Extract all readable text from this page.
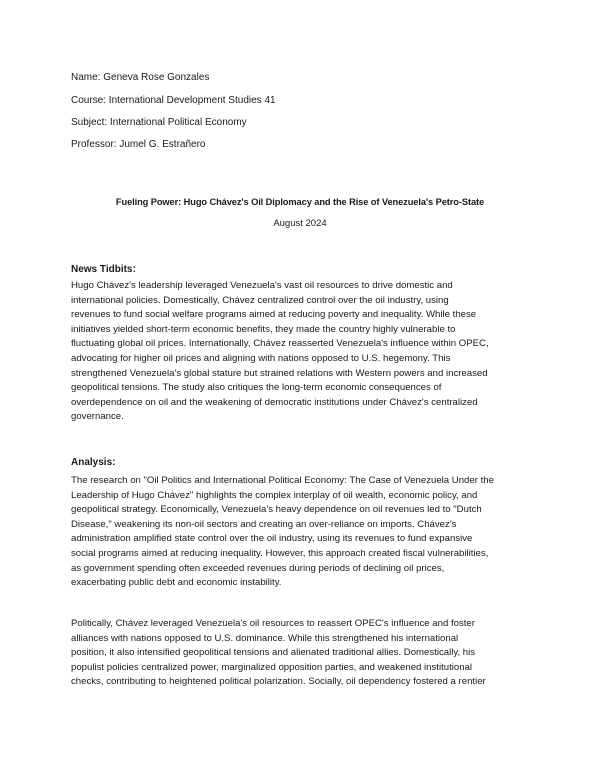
Name: Geneva Rose Gonzales
Course: International Development Studies 41
Subject: International Political Economy
Professor: Jumel G. Estrañero
Fueling Power: Hugo Chávez's Oil Diplomacy and the Rise of Venezuela's Petro-State
August 2024
News Tidbits:
Hugo Chávez's leadership leveraged Venezuela's vast oil resources to drive domestic and
international policies. Domestically, Chávez centralized control over the oil industry, using
revenues to fund social welfare programs aimed at reducing poverty and inequality. While these
initiatives yielded short-term economic benefits, they made the country highly vulnerable to
fluctuating global oil prices. Internationally, Chávez reasserted Venezuela's influence within OPEC,
advocating for higher oil prices and aligning with nations opposed to U.S. hegemony. This
strengthened Venezuela's global stature but strained relations with Western powers and increased
geopolitical tensions. The study also critiques the long-term economic consequences of
overdependence on oil and the weakening of democratic institutions under Chávez's centralized
governance.
Analysis:
The research on "Oil Politics and International Political Economy: The Case of Venezuela Under the
Leadership of Hugo Chávez" highlights the complex interplay of oil wealth, economic policy, and
geopolitical strategy. Economically, Venezuela's heavy dependence on oil revenues led to "Dutch
Disease," weakening its non-oil sectors and creating an over-reliance on imports. Chávez's
administration amplified state control over the oil industry, using its revenues to fund expansive
social programs aimed at reducing inequality. However, this approach created fiscal vulnerabilities,
as government spending often exceeded revenues during periods of declining oil prices,
exacerbating public debt and economic instability.
Politically, Chávez leveraged Venezuela's oil resources to reassert OPEC's influence and foster
alliances with nations opposed to U.S. dominance. While this strengthened his international
position, it also intensified geopolitical tensions and alienated traditional allies. Domestically, his
populist policies centralized power, marginalized opposition parties, and weakened institutional
checks, contributing to heightened political polarization. Socially, oil dependency fostered a rentier
